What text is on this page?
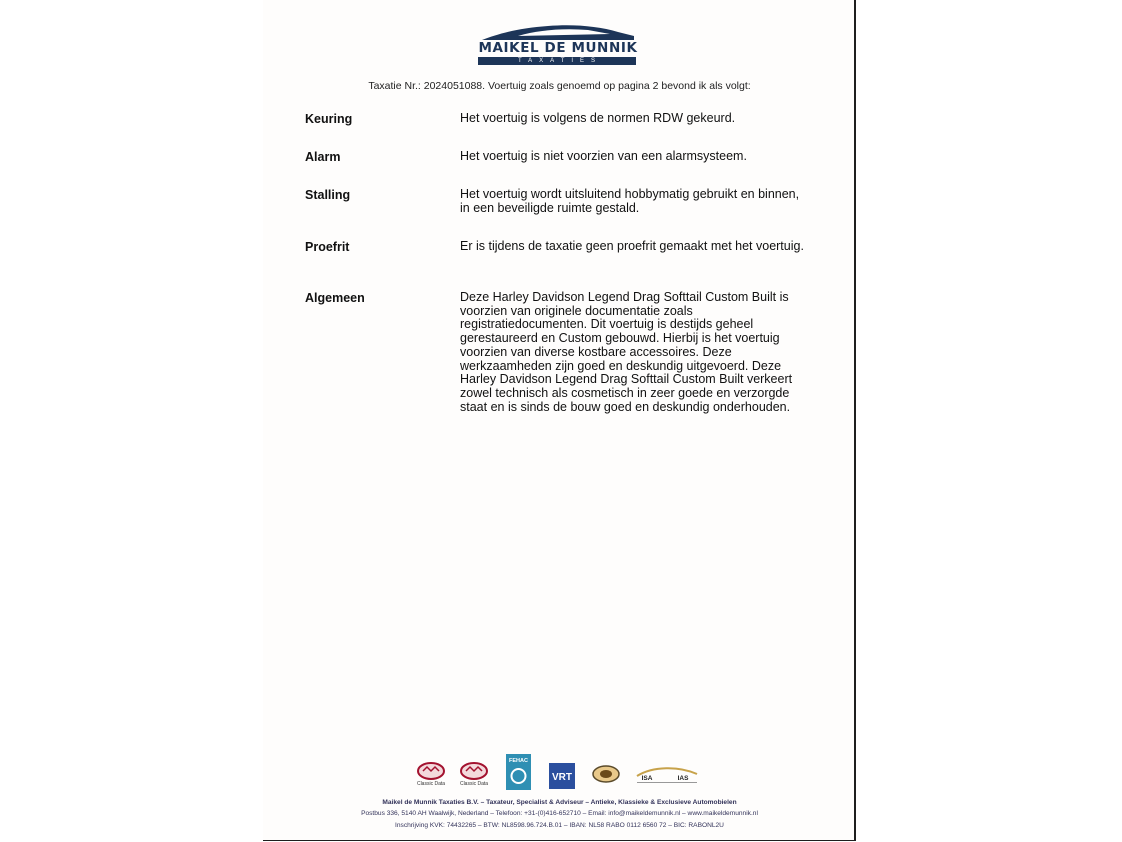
MAIKEL DE MUNNIK
TAXATIES
Taxatie Nr.: 2024051088. Voertuig zoals genoemd op pagina 2 bevond ik als volgt:
Keuring	Het voertuig is volgens de normen RDW gekeurd.
Alarm	Het voertuig is niet voorzien van een alarmsysteem.
Stalling	Het voertuig wordt uitsluitend hobbymatig gebruikt en binnen, in een beveiligde ruimte gestald.
Proefrit	Er is tijdens de taxatie geen proefrit gemaakt met het voertuig.
Algemeen	Deze Harley Davidson Legend Drag Softtail Custom Built is voorzien van originele documentatie zoals registratiedocumenten. Dit voertuig is destijds geheel gerestaureerd en Custom gebouwd. Hierbij is het voertuig voorzien van diverse kostbare accessoires. Deze werkzaamheden zijn goed en deskundig uitgevoerd. Deze Harley Davidson Legend Drag Softtail Custom Built verkeert zowel technisch als cosmetisch in zeer goede en verzorgde staat en is sinds de bouw goed en deskundig onderhouden.
Classic Data	Classic Data
FEHAC
VRT	ISA	IAS
Maikel de Munnik Taxaties B.V. – Taxateur, Specialist & Adviseur – Antieke, Klassieke & Exclusieve Automobielen
Postbus 336, 5140 AH Waalwijk, Nederland – Telefoon: +31-(0)416-652710 – Email: info@maikeldemunnik.nl – www.maikeldemunnik.nl
Inschrijving KVK: 74432265 – BTW: NL8598.96.724.B.01 – IBAN: NL58 RABO 0112 6560 72 – BIC: RABONL2U
